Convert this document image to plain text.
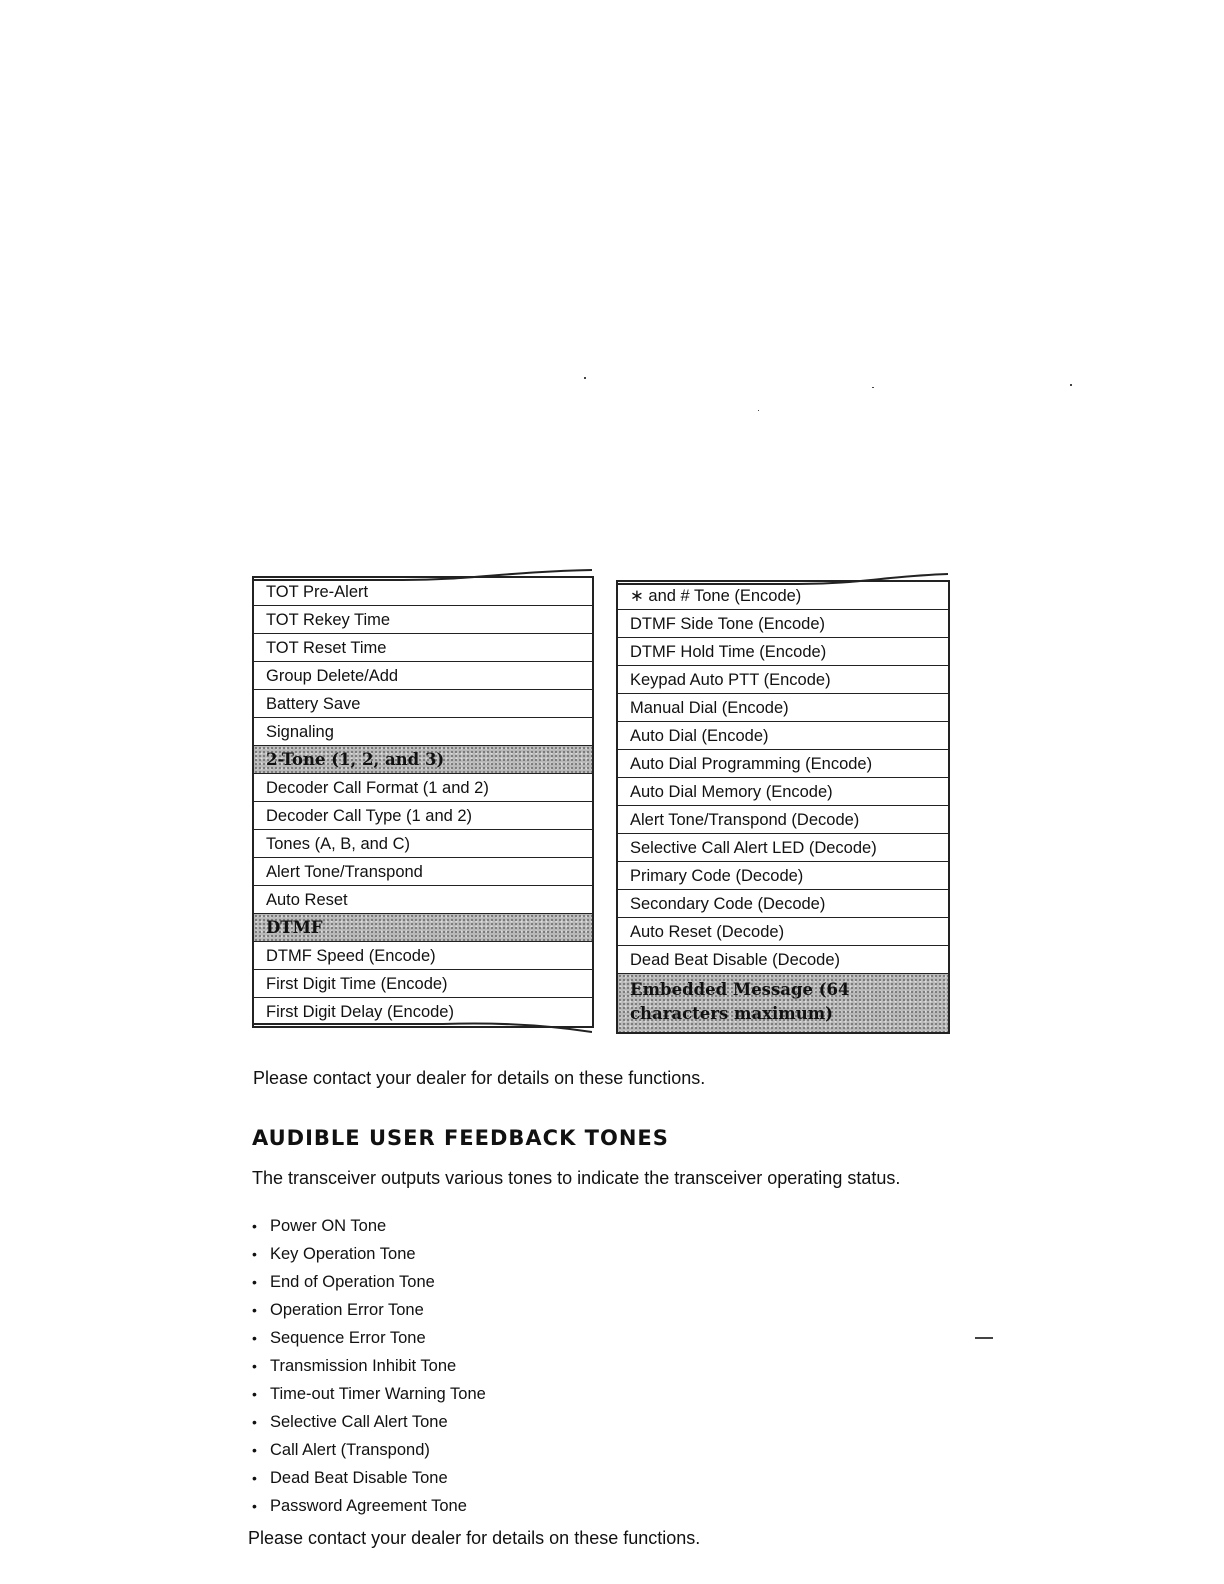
TOT Pre-Alert
TOT Rekey Time
TOT Reset Time
Group Delete/Add
Battery Save
Signaling
2-Tone (1, 2, and 3)
Decoder Call Format (1 and 2)
Decoder Call Type (1 and 2)
Tones (A, B, and C)
Alert Tone/Transpond
Auto Reset
DTMF
DTMF Speed (Encode)
First Digit Time (Encode)
First Digit Delay (Encode)
∗ and # Tone (Encode)
DTMF Side Tone (Encode)
DTMF Hold Time (Encode)
Keypad Auto PTT (Encode)
Manual Dial (Encode)
Auto Dial (Encode)
Auto Dial Programming (Encode)
Auto Dial Memory (Encode)
Alert Tone/Transpond (Decode)
Selective Call Alert LED (Decode)
Primary Code (Decode)
Secondary Code (Decode)
Auto Reset (Decode)
Dead Beat Disable (Decode)
Embedded Message (64 characters maximum)
Please contact your dealer for details on these functions.
AUDIBLE USER FEEDBACK TONES

The transceiver outputs various tones to indicate the transceiver operating status.

• Power ON Tone
• Key Operation Tone
• End of Operation Tone
• Operation Error Tone
• Sequence Error Tone
• Transmission Inhibit Tone
• Time-out Timer Warning Tone
• Selective Call Alert Tone
• Call Alert (Transpond)
• Dead Beat Disable Tone
• Password Agreement Tone
Please contact your dealer for details on these functions.
